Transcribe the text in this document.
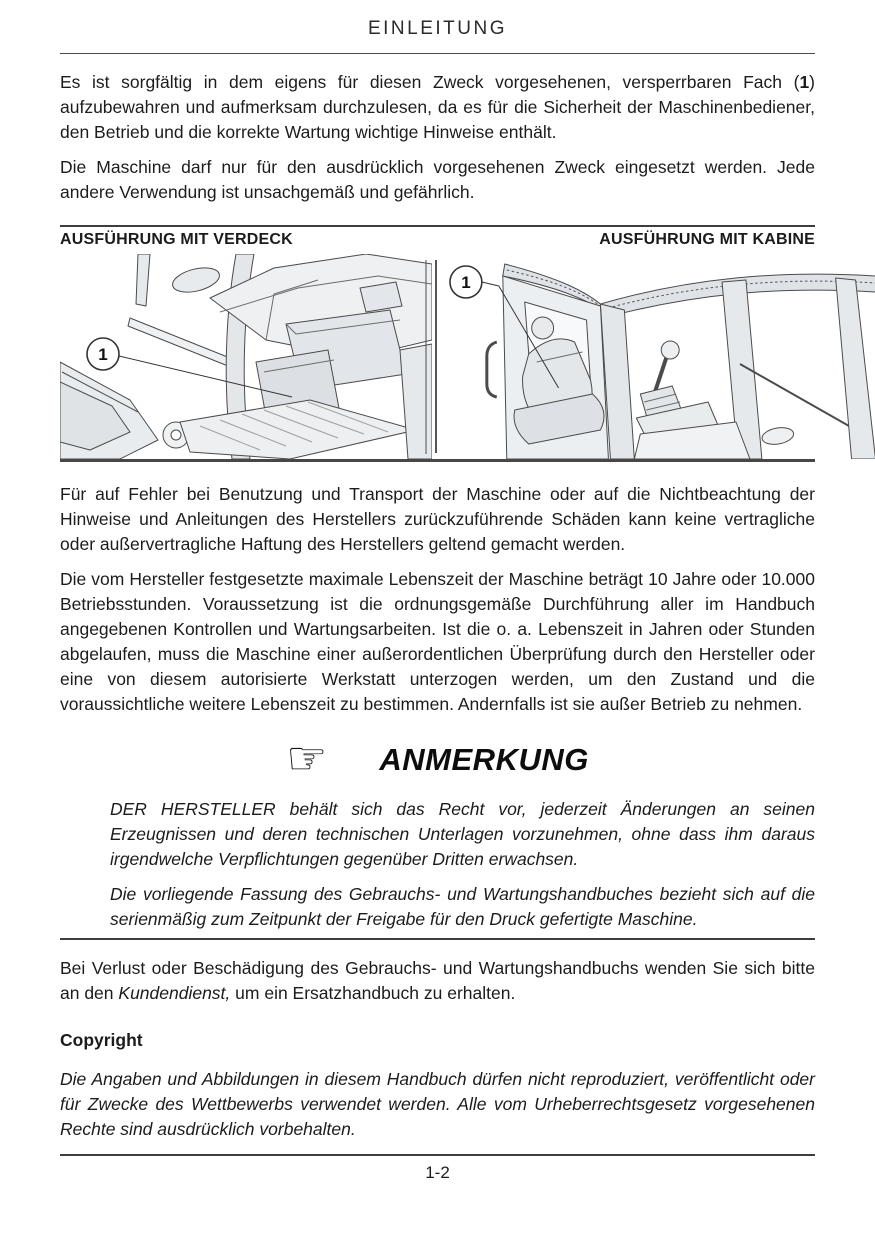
EINLEITUNG

Es ist sorgfältig in dem eigens für diesen Zweck vorgesehenen, versperrbaren Fach (1) aufzubewahren und aufmerksam durchzulesen, da es für die Sicherheit der Maschinenbediener, den Betrieb und die korrekte Wartung wichtige Hinweise enthält.

Die Maschine darf nur für den ausdrücklich vorgesehenen Zweck eingesetzt werden. Jede andere Verwendung ist unsachgemäß und gefährlich.

AUSFÜHRUNG MIT VERDECK	AUSFÜHRUNG MIT KABINE
1
1

Für auf Fehler bei Benutzung und Transport der Maschine oder auf die Nichtbeachtung der Hinweise und Anleitungen des Herstellers zurückzuführende Schäden kann keine vertragliche oder außervertragliche Haftung des Herstellers geltend gemacht werden.

Die vom Hersteller festgesetzte maximale Lebenszeit der Maschine beträgt 10 Jahre oder 10.000 Betriebsstunden. Voraussetzung ist die ordnungsgemäße Durchführung aller im Handbuch angegebenen Kontrollen und Wartungsarbeiten. Ist die o. a. Lebenszeit in Jahren oder Stunden abgelaufen, muss die Maschine einer außerordentlichen Überprüfung durch den Hersteller oder eine von diesem autorisierte Werkstatt unterzogen werden, um den Zustand und die voraussichtliche weitere Lebenszeit zu bestimmen. Andernfalls ist sie außer Betrieb zu nehmen.

☞ ANMERKUNG

DER HERSTELLER behält sich das Recht vor, jederzeit Änderungen an seinen Erzeugnissen und deren technischen Unterlagen vorzunehmen, ohne dass ihm daraus irgendwelche Verpflichtungen gegenüber Dritten erwachsen.

Die vorliegende Fassung des Gebrauchs- und Wartungshandbuches bezieht sich auf die serienmäßig zum Zeitpunkt der Freigabe für den Druck gefertigte Maschine.

Bei Verlust oder Beschädigung des Gebrauchs- und Wartungshandbuchs wenden Sie sich bitte an den Kundendienst, um ein Ersatzhandbuch zu erhalten.

Copyright

Die Angaben und Abbildungen in diesem Handbuch dürfen nicht reproduziert, veröffentlicht oder für Zwecke des Wettbewerbs verwendet werden. Alle vom Urheberrechtsgesetz vorgesehenen Rechte sind ausdrücklich vorbehalten.

1-2
